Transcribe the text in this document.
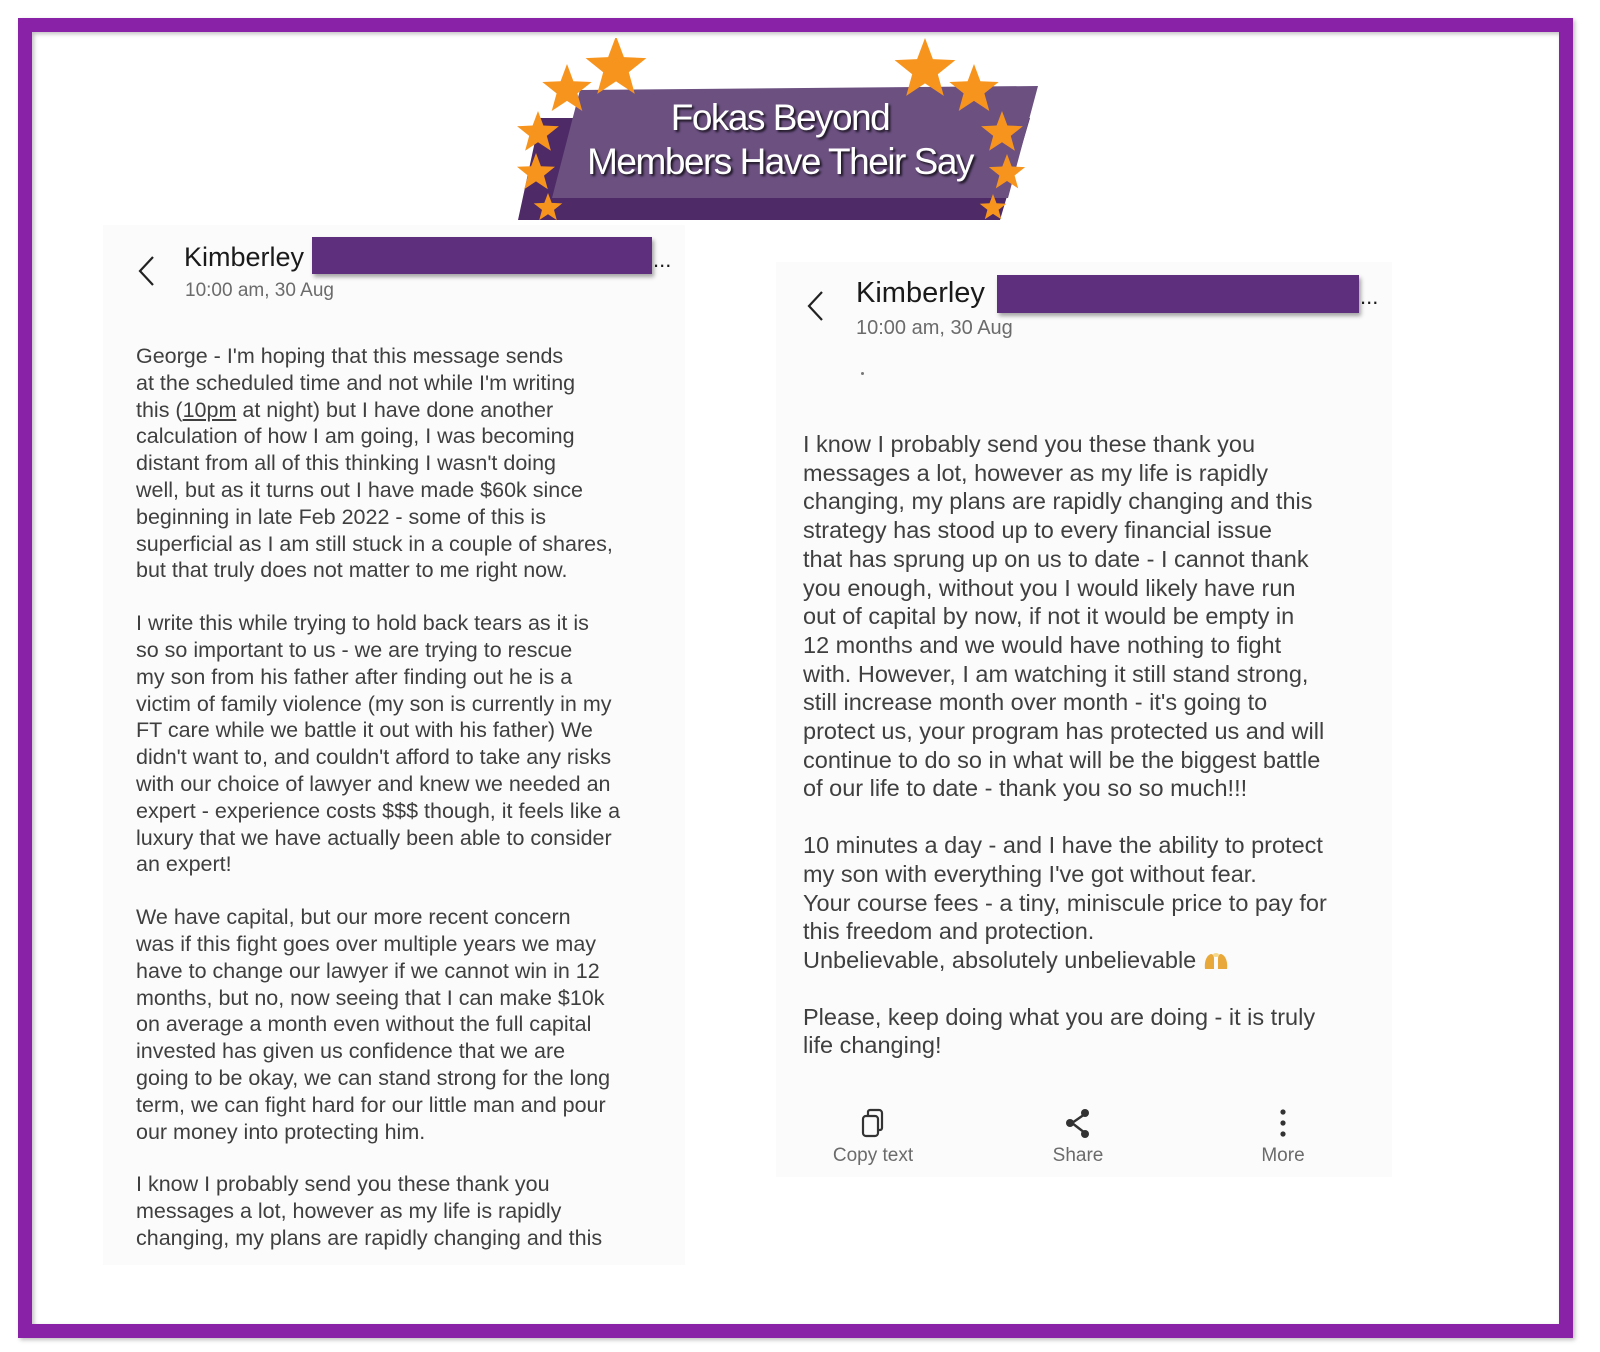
Fokas Beyond
Members Have Their Say
Kimberley	...
10:00 am, 30 Aug
George - I'm hoping that this message sends
at the scheduled time and not while I'm writing
this (10pm at night) but I have done another
calculation of how I am going, I was becoming
distant from all of this thinking I wasn't doing
well, but as it turns out I have made $60k since
beginning in late Feb 2022 - some of this is
superficial as I am still stuck in a couple of shares,
but that truly does not matter to me right now.
I write this while trying to hold back tears as it is
so so important to us - we are trying to rescue
my son from his father after finding out he is a
victim of family violence (my son is currently in my
FT care while we battle it out with his father) We
didn't want to, and couldn't afford to take any risks
with our choice of lawyer and knew we needed an
expert - experience costs $$$ though, it feels like a
luxury that we have actually been able to consider
an expert!
We have capital, but our more recent concern
was if this fight goes over multiple years we may
have to change our lawyer if we cannot win in 12
months, but no, now seeing that I can make $10k
on average a month even without the full capital
invested has given us confidence that we are
going to be okay, we can stand strong for the long
term, we can fight hard for our little man and pour
our money into protecting him.
I know I probably send you these thank you
messages a lot, however as my life is rapidly
changing, my plans are rapidly changing and this
Kimberley	...
10:00 am, 30 Aug
I know I probably send you these thank you
messages a lot, however as my life is rapidly
changing, my plans are rapidly changing and this
strategy has stood up to every financial issue
that has sprung up on us to date - I cannot thank
you enough, without you I would likely have run
out of capital by now, if not it would be empty in
12 months and we would have nothing to fight
with. However, I am watching it still stand strong,
still increase month over month - it's going to
protect us, your program has protected us and will
continue to do so in what will be the biggest battle
of our life to date - thank you so so much!!!
10 minutes a day - and I have the ability to protect
my son with everything I've got without fear.
Your course fees - a tiny, miniscule price to pay for
this freedom and protection.
Unbelievable, absolutely unbelievable
Please, keep doing what you are doing - it is truly
life changing!
Copy text	Share	More
